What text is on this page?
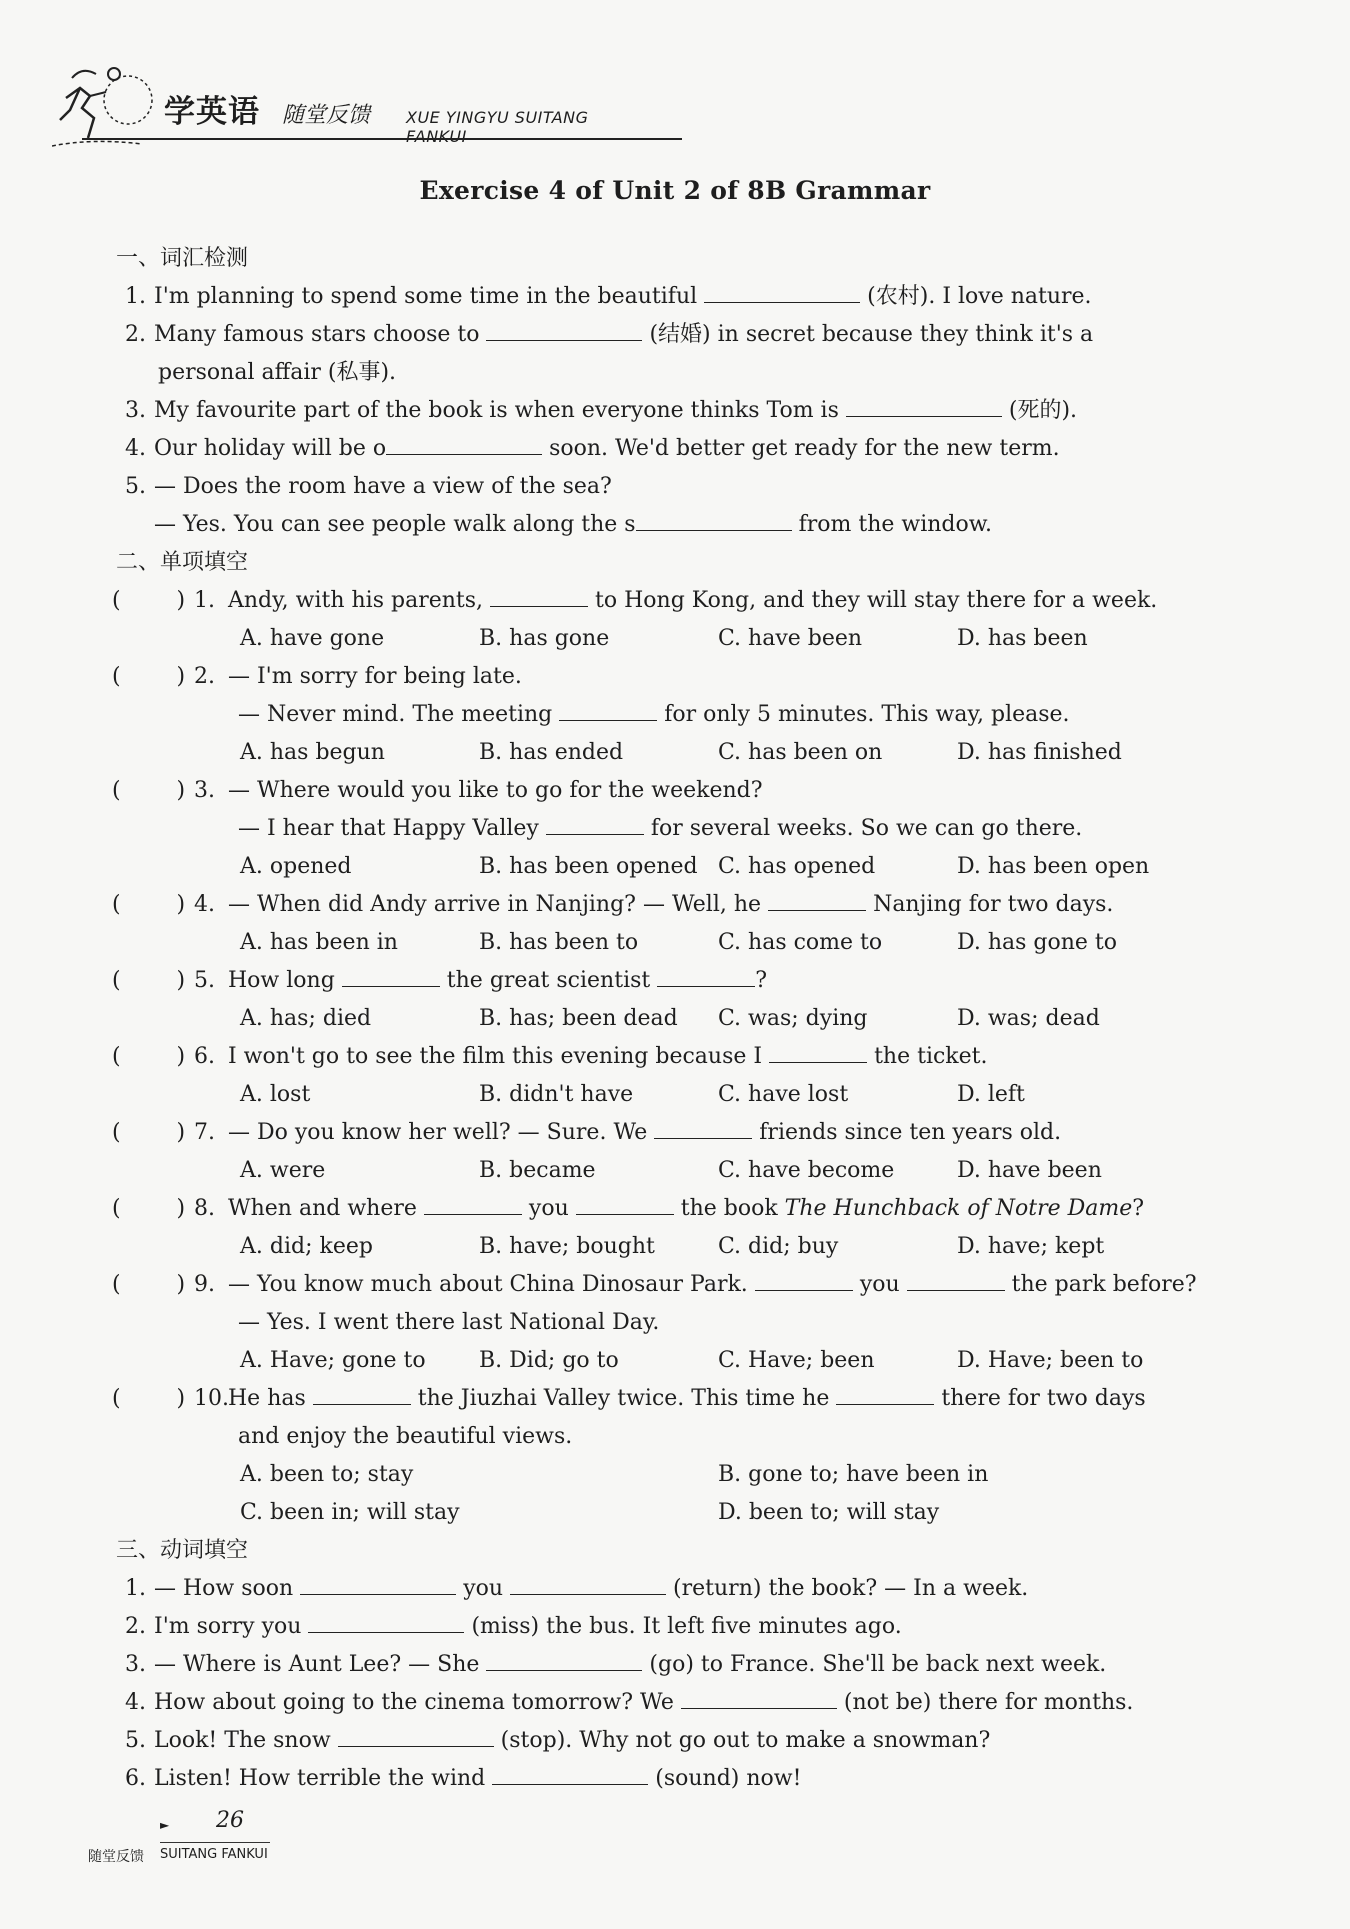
学英语 随堂反馈 XUE YINGYU SUITANG FANKUI
Exercise 4 of Unit 2 of 8B Grammar
一、词汇检测
1. I'm planning to spend some time in the beautiful	(农村). I love nature.
2. Many famous stars choose to	(结婚) in secret because they think it's a
personal affair (私事).
3. My favourite part of the book is when everyone thinks Tom is	(死的).
4. Our holiday will be o	soon. We'd better get ready for the new term.
5. — Does the room have a view of the sea?
— Yes. You can see people walk along the s	from the window.
二、单项填空
(        ) 1. Andy, with his parents,	to Hong Kong, and they will stay there for a week.
A. have gone	B. has gone	C. have been	D. has been
(        ) 2. — I'm sorry for being late.
— Never mind. The meeting	for only 5 minutes. This way, please.
A. has begun	B. has ended	C. has been on	D. has finished
(        ) 3. — Where would you like to go for the weekend?
— I hear that Happy Valley	for several weeks. So we can go there.
A. opened	B. has been opened C. has opened	D. has been open
(        ) 4. — When did Andy arrive in Nanjing? — Well, he	Nanjing for two days.
A. has been in	B. has been to	C. has come to	D. has gone to
(        ) 5. How long	the great scientist	?
A. has; died	B. has; been dead C. was; dying	D. was; dead
(        ) 6. I won't go to see the film this evening because I	the ticket.
A. lost	B. didn't have	C. have lost	D. left
(        ) 7. — Do you know her well? — Sure. We	friends since ten years old.
A. were	B. became	C. have become	D. have been
(        ) 8. When and where	you	the book The Hunchback of Notre Dame?
A. did; keep	B. have; bought	C. did; buy	D. have; kept
(        ) 9. — You know much about China Dinosaur Park.	you	the park before?
— Yes. I went there last National Day.
A. Have; gone to B. Did; go to	C. Have; been	D. Have; been to
(        ) 10.He has	the Jiuzhai Valley twice. This time he	there for two days
and enjoy the beautiful views.
A. been to; stay	B. gone to; have been in
C. been in; will stay	D. been to; will stay
三、动词填空
1. — How soon	you	(return) the book? — In a week.
2. I'm sorry you	(miss) the bus. It left five minutes ago.
3. — Where is Aunt Lee? — She	(go) to France. She'll be back next week.
4. How about going to the cinema tomorrow? We	(not be) there for months.
5. Look! The snow	(stop). Why not go out to make a snowman?
6. Listen! How terrible the wind	(sound) now!
► 26
随堂反馈 SUITANG FANKUI
